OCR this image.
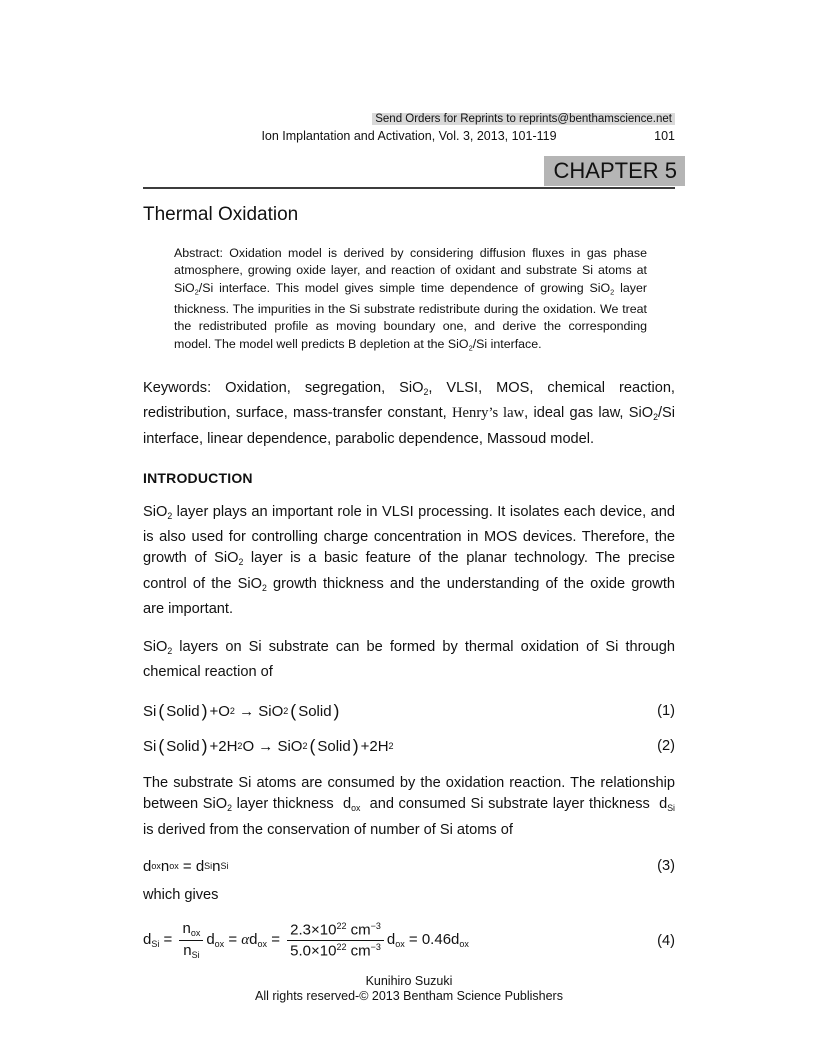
Send Orders for Reprints to reprints@benthamscience.net
Ion Implantation and Activation, Vol. 3, 2013, 101-119	101
CHAPTER 5
Thermal Oxidation

Abstract: Oxidation model is derived by considering diffusion fluxes in gas phase atmosphere, growing oxide layer, and reaction of oxidant and substrate Si atoms at SiO$_2$/Si interface. This model gives simple time dependence of growing SiO$_2$ layer thickness. The impurities in the Si substrate redistribute during the oxidation. We treat the redistributed profile as moving boundary one, and derive the corresponding model. The model well predicts B depletion at the SiO$_2$/Si interface.

Keywords: Oxidation, segregation, SiO$_2$, VLSI, MOS, chemical reaction, redistribution, surface, mass-transfer constant, Henry’s law, ideal gas law, SiO$_2$/Si interface, linear dependence, parabolic dependence, Massoud model.

INTRODUCTION

SiO$_2$ layer plays an important role in VLSI processing. It isolates each device, and is also used for controlling charge concentration in MOS devices. Therefore, the growth of SiO$_2$ layer is a basic feature of the planar technology. The precise control of the SiO$_2$ growth thickness and the understanding of the oxide growth are important.

SiO$_2$ layers on Si substrate can be formed by thermal oxidation of Si through chemical reaction of

Si ( Solid ) +O 2 → SiO 2 ( Solid )	(1)
Si ( Solid ) +2H 2 O → SiO 2 ( Solid ) +2H 2	(2)

The substrate Si atoms are consumed by the oxidation reaction. The relationship between SiO$_2$ layer thickness  $d_{ox}$  and consumed Si substrate layer thickness  $d_{Si}$ is derived from the conservation of number of Si atoms of

d ox n ox = d Si n Si	(3)

which gives

$d_{Si} = \frac{n_{ox}}{n_{Si}} d_{ox} = \alpha d_{ox} = \frac{2.3\times 10^{22} cm^{-3}}{5.0\times 10^{22} cm^{-3}} d_{ox} = 0.46d_{ox}$	(4)
Kunihiro Suzuki
All rights reserved-© 2013 Bentham Science Publishers
